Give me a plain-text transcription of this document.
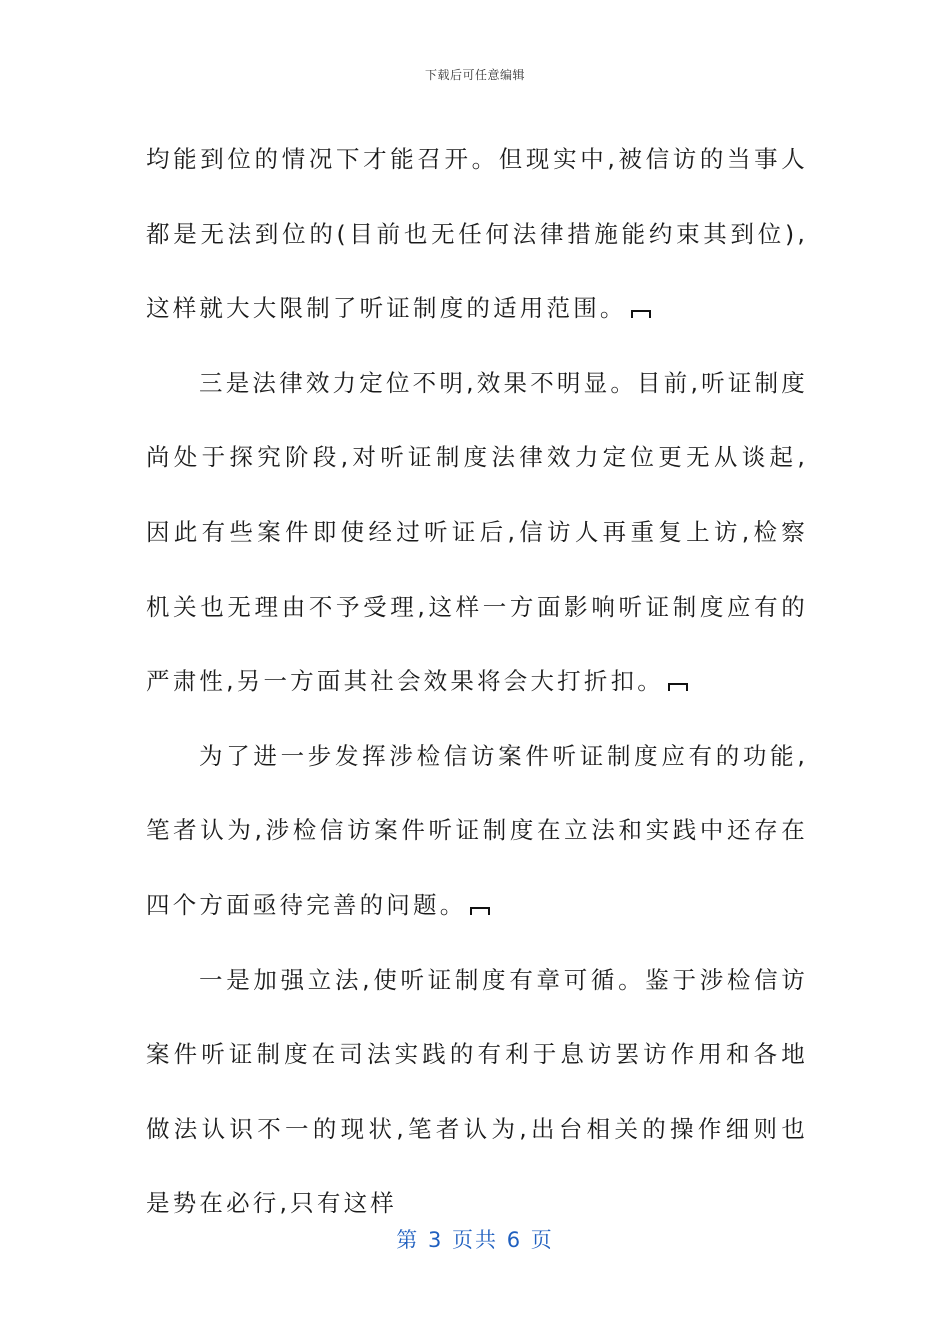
下载后可任意编辑

均能到位的情况下才能召开。但现实中,被信访的当事人都是无法到位的(目前也无任何法律措施能约束其到位),这样就大大限制了听证制度的适用范围。

三是法律效力定位不明,效果不明显。目前,听证制度尚处于探究阶段,对听证制度法律效力定位更无从谈起,因此有些案件即使经过听证后,信访人再重复上访,检察机关也无理由不予受理,这样一方面影响听证制度应有的严肃性,另一方面其社会效果将会大打折扣。

为了进一步发挥涉检信访案件听证制度应有的功能,笔者认为,涉检信访案件听证制度在立法和实践中还存在四个方面亟待完善的问题。

一是加强立法,使听证制度有章可循。鉴于涉检信访案件听证制度在司法实践的有利于息访罢访作用和各地做法认识不一的现状,笔者认为,出台相关的操作细则也是势在必行,只有这样

第 3 页共 6 页
